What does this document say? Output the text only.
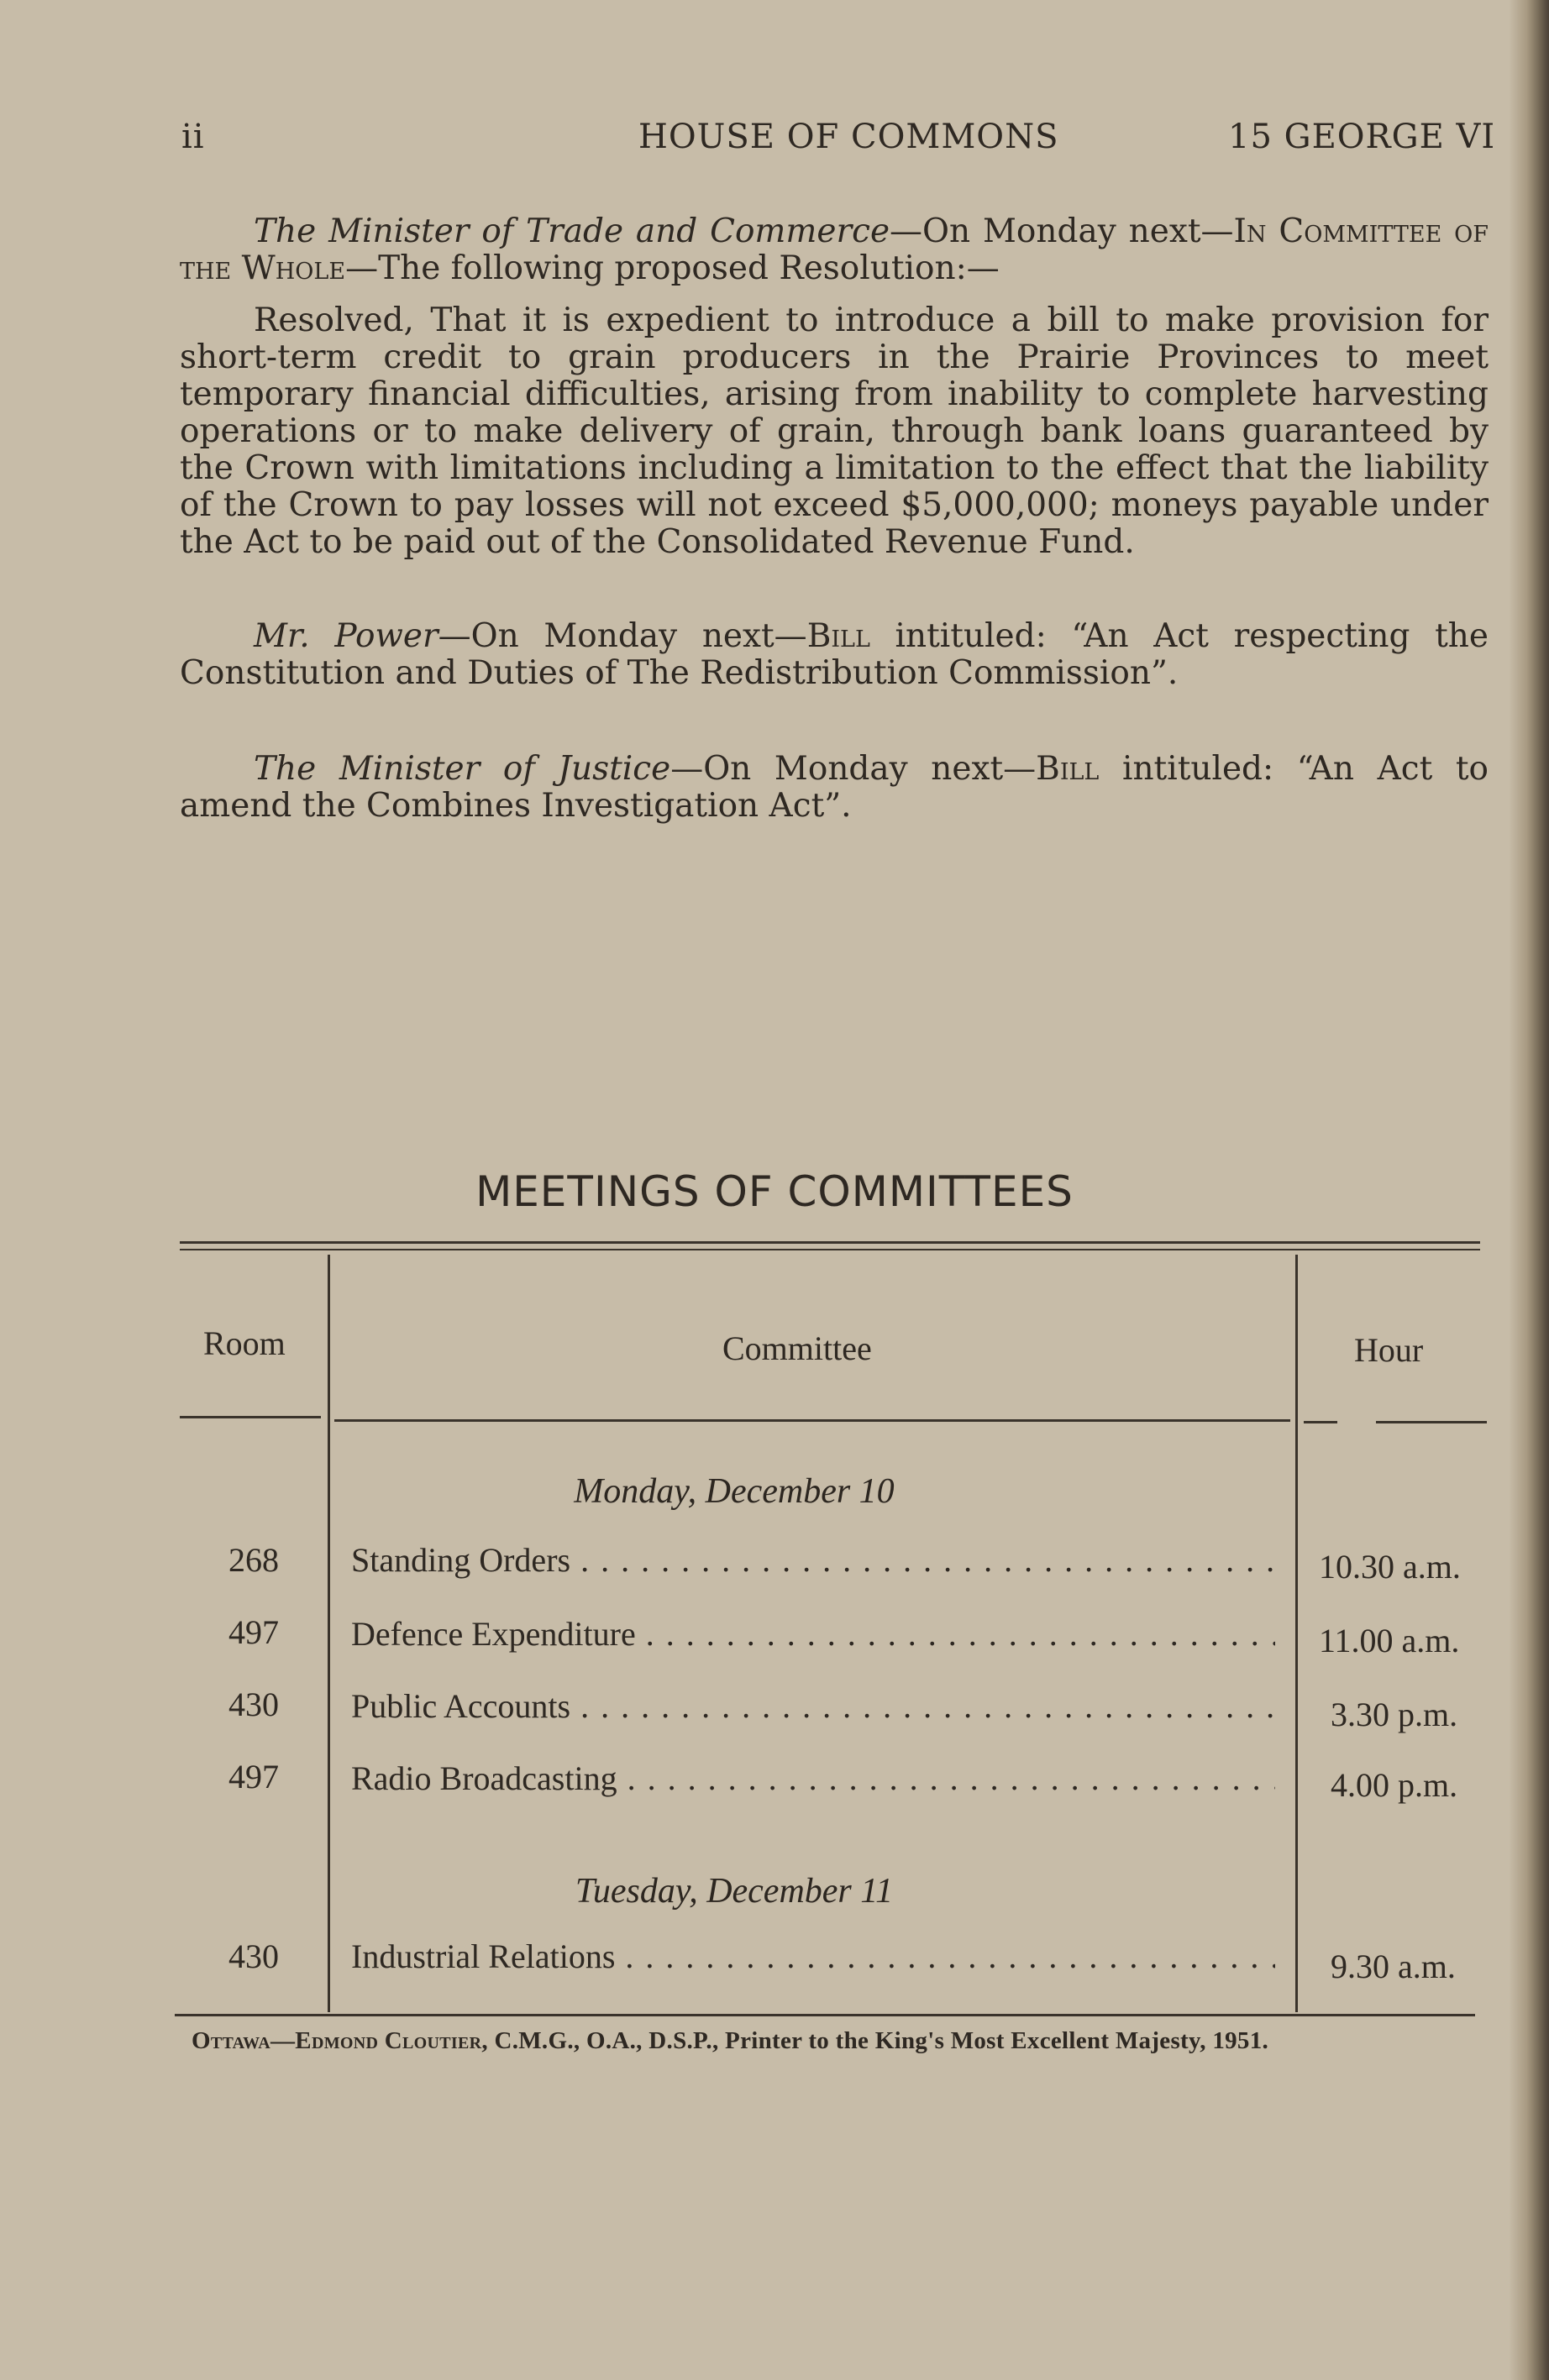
ii	HOUSE OF COMMONS	15 GEORGE VI

The Minister of Trade and Commerce—On Monday next—In Committee of the Whole—The following proposed Resolution:—

Resolved, That it is expedient to introduce a bill to make provision for short-term credit to grain producers in the Prairie Provinces to meet temporary financial difficulties, arising from inability to complete harvesting operations or to make delivery of grain, through bank loans guaranteed by the Crown with limitations including a limitation to the effect that the liability of the Crown to pay losses will not exceed $5,000,000; moneys payable under the Act to be paid out of the Consolidated Revenue Fund.

Mr. Power—On Monday next—Bill intituled: “An Act respecting the Constitution and Duties of The Redistribution Commission”.

The Minister of Justice—On Monday next—Bill intituled: “An Act to amend the Combines Investigation Act”.

MEETINGS OF COMMITTEES
Room	Committee	Hour
Monday, December 10
268 Standing Orders . . .	10.30 a.m.
497 Defence Expenditure . . .	11.00 a.m.
430 Public Accounts . . .	3.30 p.m.
497 Radio Broadcasting . . .	4.00 p.m.
Tuesday, December 11
430 Industrial Relations . . .	9.30 a.m.
Ottawa—Edmond Cloutier, C.M.G., O.A., D.S.P., Printer to the King's Most Excellent Majesty, 1951.
